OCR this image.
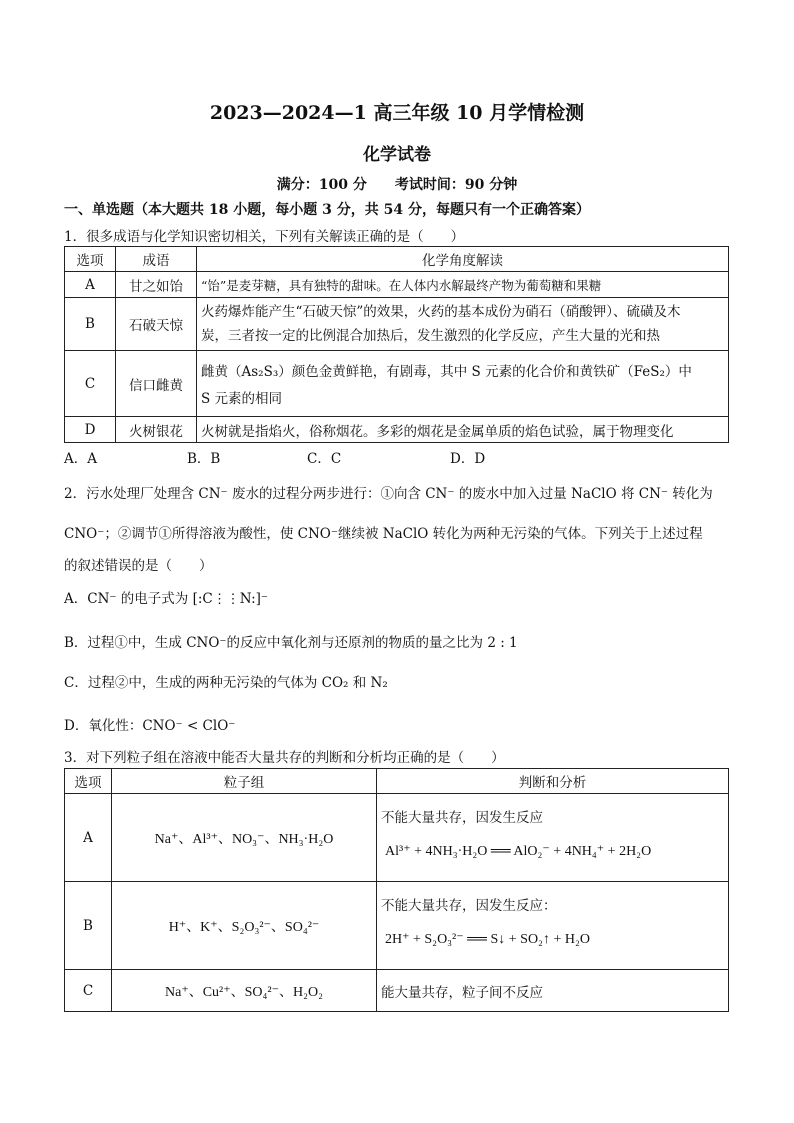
2023—2024—1 高三年级 10 月学情检测
化学试卷
满分：100 分　　考试时间：90 分钟
一、单选题（本大题共 18 小题，每小题 3 分，共 54 分，每题只有一个正确答案）
1．很多成语与化学知识密切相关，下列有关解读正确的是（　　）
选项	成语	化学角度解读
A	甘之如饴	“饴”是麦芽糖，具有独特的甜味。在人体内水解最终产物为葡萄糖和果糖
B	石破天惊	火药爆炸能产生“石破天惊”的效果，火药的基本成份为硝石（硝酸钾）、硫磺及木
炭，三者按一定的比例混合加热后，发生激烈的化学反应，产生大量的光和热

C	信口雌黄	雌黄（As₂S₃）颜色金黄鲜艳，有剧毒，其中 S 元素的化合价和黄铁矿（FeS₂）中
S 元素的相同

D	火树银花	火树就是指焰火，俗称烟花。多彩的烟花是金属单质的焰色试验，属于物理变化
A．A	B．B	C．C	D．D
2．污水处理厂处理含 CN⁻ 废水的过程分两步进行：①向含 CN⁻ 的废水中加入过量 NaClO 将 CN⁻ 转化为
CNO⁻；②调节①所得溶液为酸性，使 CNO⁻继续被 NaClO 转化为两种无污染的气体。下列关于上述过程
的叙述错误的是（　　）
A．CN⁻ 的电子式为 [:C⋮⋮N:]⁻
B．过程①中，生成 CNO⁻的反应中氧化剂与还原剂的物质的量之比为 2 : 1
C．过程②中，生成的两种无污染的气体为 CO₂ 和 N₂
D．氧化性：CNO⁻ < ClO⁻
3．对下列粒子组在溶液中能否大量共存的判断和分析均正确的是（　　）
选项	粒子组	判断和分析
A	Na⁺、Al³⁺、NO₃⁻、NH₃·H₂O	不能大量共存，因发生反应
Al³⁺ + 4NH₃·H₂O ══ AlO₂⁻ + 4NH₄⁺ + 2H₂O

B	H⁺、K⁺、S₂O₃²⁻、SO₄²⁻	不能大量共存，因发生反应：
2H⁺ + S₂O₃²⁻ ══ S↓ + SO₂↑ + H₂O

C	Na⁺、Cu²⁺、SO₄²⁻、H₂O₂	能大量共存，粒子间不反应
